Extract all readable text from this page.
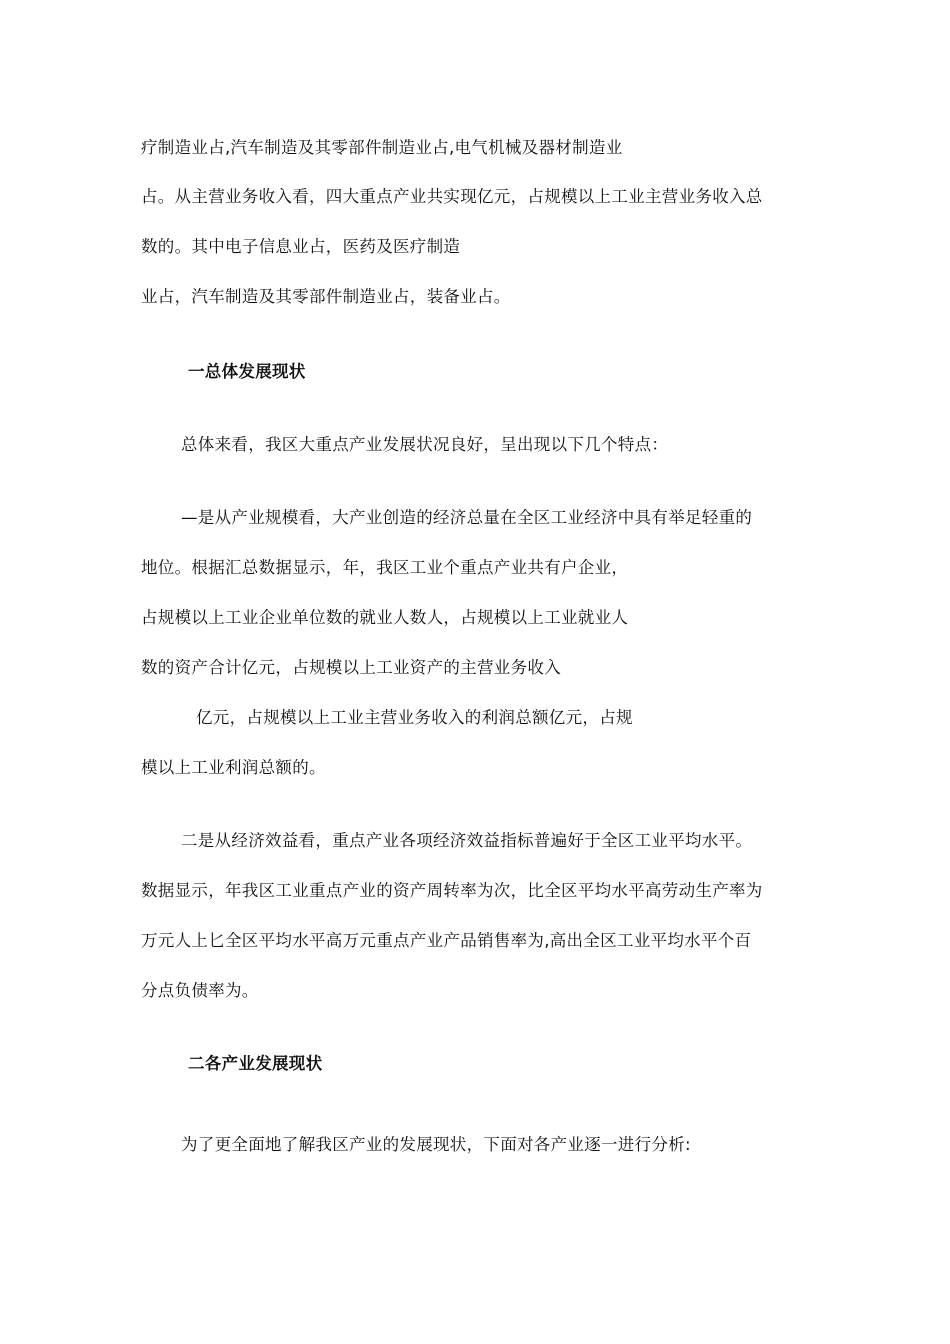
疗制造业占,汽车制造及其零部件制造业占,电气机械及器材制造业
占。从主营业务收入看，四大重点产业共实现亿元，占规模以上工业主营业务收入总
数的。其中电子信息业占，医药及医疗制造
业占，汽车制造及其零部件制造业占，装备业占。
一总体发展现状
总体来看，我区大重点产业发展状况良好，呈出现以下几个特点：
—是从产业规模看，大产业创造的经济总量在全区工业经济中具有举足轻重的
地位。根据汇总数据显示，年，我区工业个重点产业共有户企业，
占规模以上工业企业单位数的就业人数人，占规模以上工业就业人
数的资产合计亿元，占规模以上工业资产的主营业务收入
亿元，占规模以上工业主营业务收入的利润总额亿元，占规
模以上工业利润总额的。
二是从经济效益看，重点产业各项经济效益指标普遍好于全区工业平均水平。
数据显示，年我区工业重点产业的资产周转率为次，比全区平均水平高劳动生产率为
万元人上匕全区平均水平高万元重点产业产品销售率为,高出全区工业平均水平个百
分点负债率为。
二各产业发展现状
为了更全面地了解我区产业的发展现状，下面对各产业逐一进行分析:
